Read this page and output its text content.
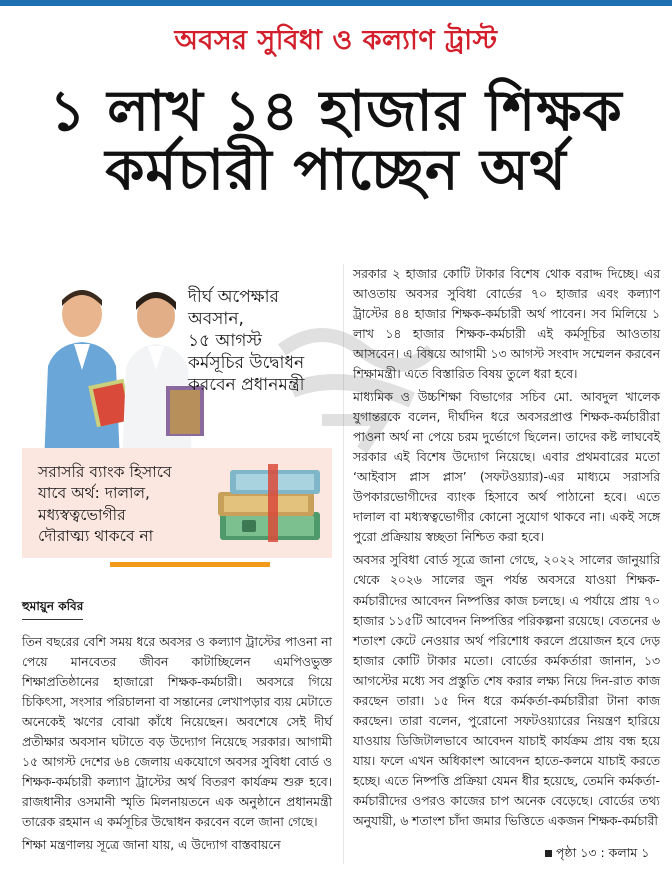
অবসর সুবিধা ও কল্যাণ ট্রাস্ট
১ লাখ ১৪ হাজার শিক্ষক
কর্মচারী পাচ্ছেন অর্থ
দীর্ঘ অপেক্ষার
অবসান,
১৫ আগস্ট
কর্মসূচির উদ্বোধন
করবেন প্রধানমন্ত্রী
সরাসরি ব্যাংক হিসাবে
যাবে অর্থ: দালাল,
মধ্যস্বত্বভোগীর
দৌরাত্ম্য থাকবে না
হুমায়ুন কবির

তিন বছরের বেশি সময় ধরে অবসর ও কল্যাণ ট্রাস্টের পাওনা না পেয়ে মানবেতর জীবন কাটাচ্ছিলেন এমপিওভুক্ত শিক্ষাপ্রতিষ্ঠানের হাজারো শিক্ষক-কর্মচারী। অবসরে গিয়ে চিকিৎসা, সংসার পরিচালনা বা সন্তানের লেখাপড়ার ব্যয় মেটাতে অনেকেই ঋণের বোঝা কাঁধে নিয়েছেন। অবশেষে সেই দীর্ঘ প্রতীক্ষার অবসান ঘটাতে বড় উদ্যোগ নিয়েছে সরকার। আগামী ১৫ আগস্ট দেশের ৬৪ জেলায় একযোগে অবসর সুবিধা বোর্ড ও শিক্ষক-কর্মচারী কল্যাণ ট্রাস্টের অর্থ বিতরণ কার্যক্রম শুরু হবে। রাজধানীর ওসমানী স্মৃতি মিলনায়তনে এক অনুষ্ঠানে প্রধানমন্ত্রী তারেক রহমান এ কর্মসূচির উদ্বোধন করবেন বলে জানা গেছে।

শিক্ষা মন্ত্রণালয় সূত্রে জানা যায়, এ উদ্যোগ বাস্তবায়নে

সরকার ২ হাজার কোটি টাকার বিশেষ থোক বরাদ্দ দিচ্ছে। এর আওতায় অবসর সুবিধা বোর্ডের ৭০ হাজার এবং কল্যাণ ট্রাস্টের ৪৪ হাজার শিক্ষক-কর্মচারী অর্থ পাবেন। সব মিলিয়ে ১ লাখ ১৪ হাজার শিক্ষক-কর্মচারী এই কর্মসূচির আওতায় আসবেন। এ বিষয়ে আগামী ১৩ আগস্ট সংবাদ সম্মেলন করবেন শিক্ষামন্ত্রী। এতে বিস্তারিত বিষয় তুলে ধরা হবে।

মাধ্যমিক ও উচ্চশিক্ষা বিভাগের সচিব মো. আবদুল খালেক যুগান্তরকে বলেন, দীর্ঘদিন ধরে অবসরপ্রাপ্ত শিক্ষক-কর্মচারীরা পাওনা অর্থ না পেয়ে চরম দুর্ভোগে ছিলেন। তাদের কষ্ট লাঘবেই সরকার এই বিশেষ উদ্যোগ নিয়েছে। এবার প্রথমবারের মতো ‘আইবাস প্লাস প্লাস’ (সফটওয়্যার)-এর মাধ্যমে সরাসরি উপকারভোগীদের ব্যাংক হিসাবে অর্থ পাঠানো হবে। এতে দালাল বা মধ্যস্বত্বভোগীর কোনো সুযোগ থাকবে না। একই সঙ্গে পুরো প্রক্রিয়ায় স্বচ্ছতা নিশ্চিত করা হবে।

অবসর সুবিধা বোর্ড সূত্রে জানা গেছে, ২০২২ সালের জানুয়ারি থেকে ২০২৬ সালের জুন পর্যন্ত অবসরে যাওয়া শিক্ষক-কর্মচারীদের আবেদন নিষ্পত্তির কাজ চলছে। এ পর্যায়ে প্রায় ৭০ হাজার ১১৫টি আবেদন নিষ্পত্তির পরিকল্পনা রয়েছে। বেতনের ৬ শতাংশ কেটে নেওয়ার অর্থ পরিশোধ করলে প্রয়োজন হবে দেড় হাজার কোটি টাকার মতো। বোর্ডের কর্মকর্তারা জানান, ১৩ আগস্টের মধ্যে সব প্রস্তুতি শেষ করার লক্ষ্য নিয়ে দিন-রাত কাজ করছেন তারা। ১৫ দিন ধরে কর্মকর্তা-কর্মচারীরা টানা কাজ করছেন। তারা বলেন, পুরোনো সফটওয়্যারের নিয়ন্ত্রণ হারিয়ে যাওয়ায় ডিজিটালভাবে আবেদন যাচাই কার্যক্রম প্রায় বন্ধ হয়ে যায়। ফলে এখন অধিকাংশ আবেদন হাতে-কলমে যাচাই করতে হচ্ছে। এতে নিষ্পত্তি প্রক্রিয়া যেমন ধীর হয়েছে, তেমনি কর্মকর্তা-কর্মচারীদের ওপরও কাজের চাপ অনেক বেড়েছে। বোর্ডের তথ্য অনুযায়ী, ৬ শতাংশ চাঁদা জমার ভিত্তিতে একজন শিক্ষক-কর্মচারী

পৃষ্ঠা ১৩ : কলাম ১
